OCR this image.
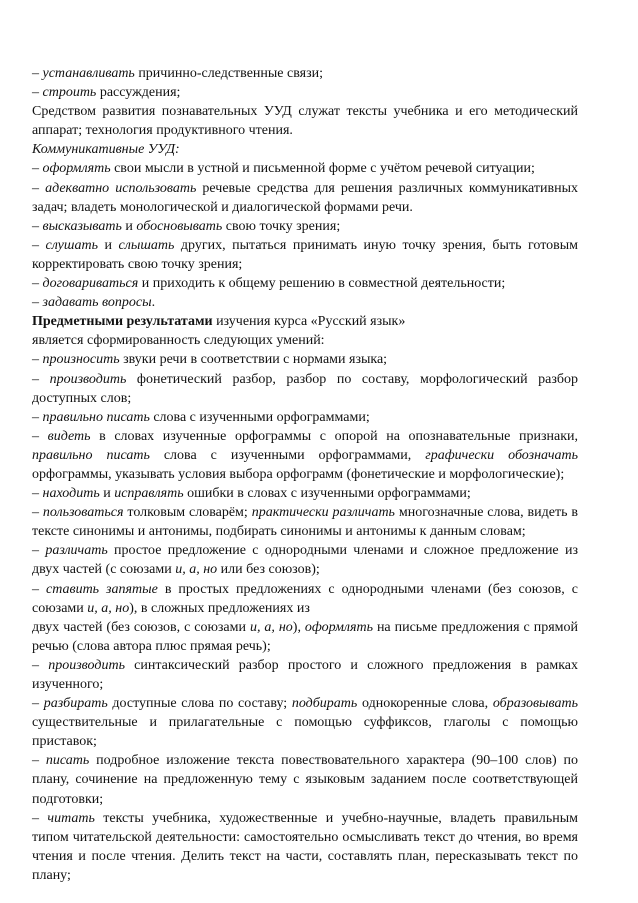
– устанавливать причинно-следственные связи;

– строить рассуждения;

Средством развития познавательных УУД служат тексты учебника и его методический аппарат; технология продуктивного чтения.

Коммуникативные УУД:

– оформлять свои мысли в устной и письменной форме с учётом речевой ситуации;

– адекватно использовать речевые средства для решения различных коммуникативных задач; владеть монологической и диалогической формами речи.

– высказывать и обосновывать свою точку зрения;

– слушать и слышать других, пытаться принимать иную точку зрения, быть готовым корректировать свою точку зрения;

– договариваться и приходить к общему решению в совместной деятельности;

– задавать вопросы.

Предметными результатами изучения курса «Русский язык»

является сформированность следующих умений:

– произносить звуки речи в соответствии с нормами языка;

– производить фонетический разбор, разбор по составу, морфологический разбор доступных слов;

– правильно писать слова с изученными орфограммами;

– видеть в словах изученные орфограммы с опорой на опознавательные признаки, правильно писать слова с изученными орфограммами, графически обозначать орфограммы, указывать условия выбора орфограмм (фонетические и морфологические);

– находить и исправлять ошибки в словах с изученными орфограммами;

– пользоваться толковым словарём; практически различать многозначные слова, видеть в тексте синонимы и антонимы, подбирать синонимы и антонимы к данным словам;

– различать простое предложение с однородными членами и сложное предложение из двух частей (с союзами и, а, но или без союзов);

– ставить запятые в простых предложениях с однородными членами (без союзов, с союзами и, а, но), в сложных предложениях из

двух частей (без союзов, с союзами и, а, но), оформлять на письме предложения с прямой речью (слова автора плюс прямая речь);

– производить синтаксический разбор простого и сложного предложения в рамках изученного;

– разбирать доступные слова по составу; подбирать однокоренные слова, образовывать существительные и прилагательные с помощью суффиксов, глаголы с помощью приставок;

– писать подробное изложение текста повествовательного характера (90–100 слов) по плану, сочинение на предложенную тему с языковым заданием после соответствующей подготовки;

– читать тексты учебника, художественные и учебно-научные, владеть правильным типом читательской деятельности: самостоятельно осмысливать текст до чтения, во время чтения и после чтения. Делить текст на части, составлять план, пересказывать текст по плану;
